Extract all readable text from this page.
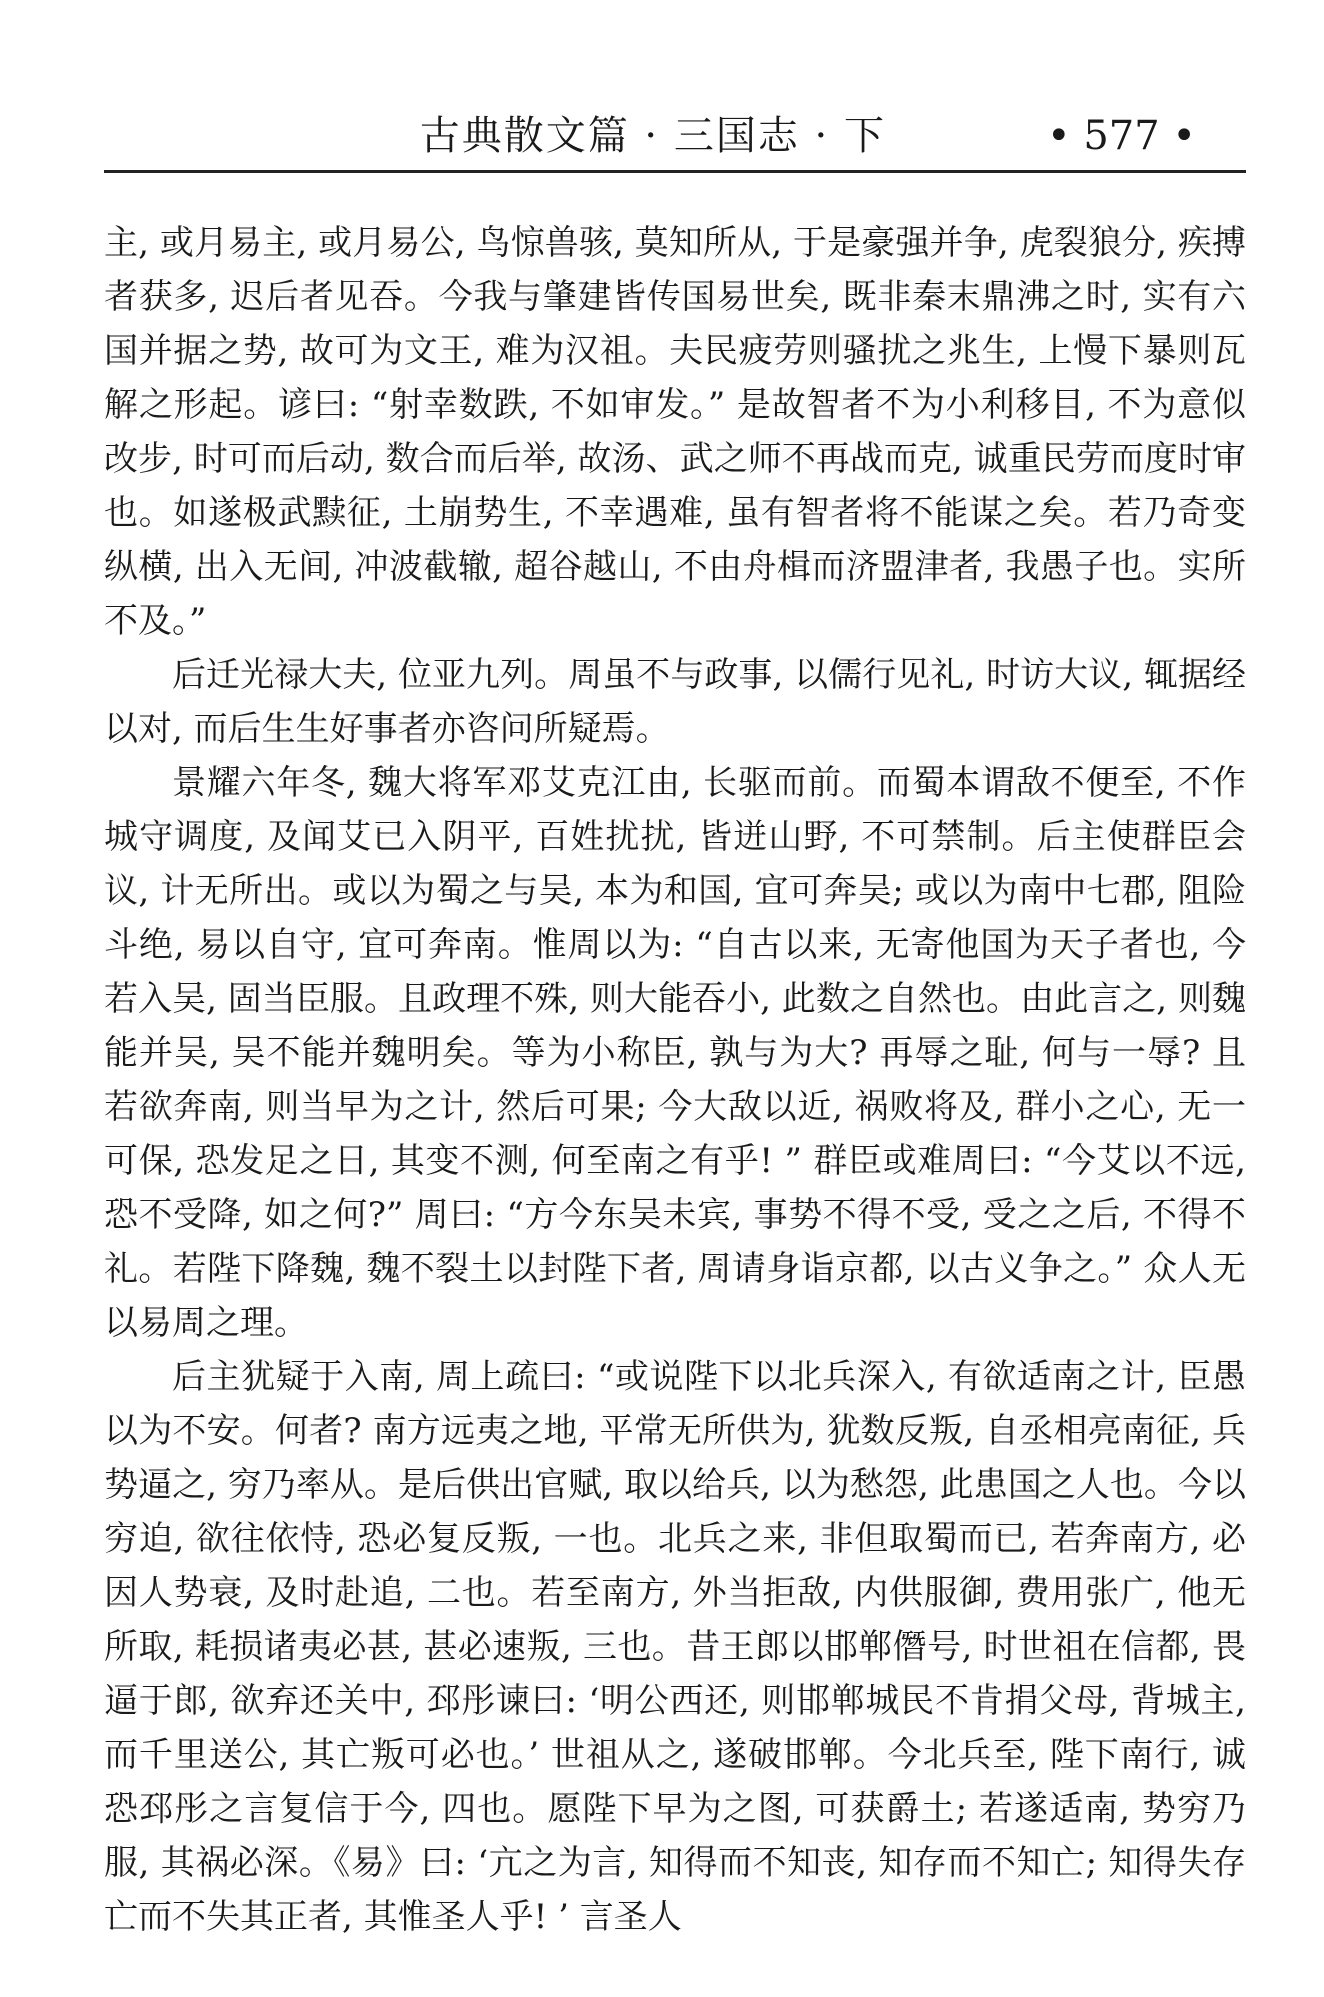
古典散文篇 · 三国志 · 下	• 577 •

主, 或月易主, 或月易公, 鸟惊兽骇, 莫知所从, 于是豪强并争, 虎裂狼分, 疾搏者获多, 迟后者见吞。今我与肇建皆传国易世矣, 既非秦末鼎沸之时, 实有六国并据之势, 故可为文王, 难为汉祖。夫民疲劳则骚扰之兆生, 上慢下暴则瓦解之形起。谚曰: “射幸数跌, 不如审发。” 是故智者不为小利移目, 不为意似改步, 时可而后动, 数合而后举, 故汤、武之师不再战而克, 诚重民劳而度时审也。如遂极武黩征, 土崩势生, 不幸遇难, 虽有智者将不能谋之矣。若乃奇变纵横, 出入无间, 冲波截辙, 超谷越山, 不由舟楫而济盟津者, 我愚子也。实所不及。”

后迁光禄大夫, 位亚九列。周虽不与政事, 以儒行见礼, 时访大议, 辄据经以对, 而后生生好事者亦咨问所疑焉。

景耀六年冬, 魏大将军邓艾克江由, 长驱而前。而蜀本谓敌不便至, 不作城守调度, 及闻艾已入阴平, 百姓扰扰, 皆迸山野, 不可禁制。后主使群臣会议, 计无所出。或以为蜀之与吴, 本为和国, 宜可奔吴; 或以为南中七郡, 阻险斗绝, 易以自守, 宜可奔南。惟周以为: “自古以来, 无寄他国为天子者也, 今若入吴, 固当臣服。且政理不殊, 则大能吞小, 此数之自然也。由此言之, 则魏能并吴, 吴不能并魏明矣。等为小称臣, 孰与为大? 再辱之耻, 何与一辱? 且若欲奔南, 则当早为之计, 然后可果; 今大敌以近, 祸败将及, 群小之心, 无一可保, 恐发足之日, 其变不测, 何至南之有乎! ” 群臣或难周曰: “今艾以不远, 恐不受降, 如之何?” 周曰: “方今东吴未宾, 事势不得不受, 受之之后, 不得不礼。若陛下降魏, 魏不裂土以封陛下者, 周请身诣京都, 以古义争之。” 众人无以易周之理。

后主犹疑于入南, 周上疏曰: “或说陛下以北兵深入, 有欲适南之计, 臣愚以为不安。何者? 南方远夷之地, 平常无所供为, 犹数反叛, 自丞相亮南征, 兵势逼之, 穷乃率从。是后供出官赋, 取以给兵, 以为愁怨, 此患国之人也。今以穷迫, 欲往依恃, 恐必复反叛, 一也。北兵之来, 非但取蜀而已, 若奔南方, 必因人势衰, 及时赴追, 二也。若至南方, 外当拒敌, 内供服御, 费用张广, 他无所取, 耗损诸夷必甚, 甚必速叛, 三也。昔王郎以邯郸僭号, 时世祖在信都, 畏逼于郎, 欲弃还关中, 邳彤谏曰: ‘明公西还, 则邯郸城民不肯捐父母, 背城主, 而千里送公, 其亡叛可必也。’ 世祖从之, 遂破邯郸。今北兵至, 陛下南行, 诚恐邳彤之言复信于今, 四也。愿陛下早为之图, 可获爵土; 若遂适南, 势穷乃服, 其祸必深。《易》曰: ‘亢之为言, 知得而不知丧, 知存而不知亡; 知得失存亡而不失其正者, 其惟圣人乎! ’ 言圣人
